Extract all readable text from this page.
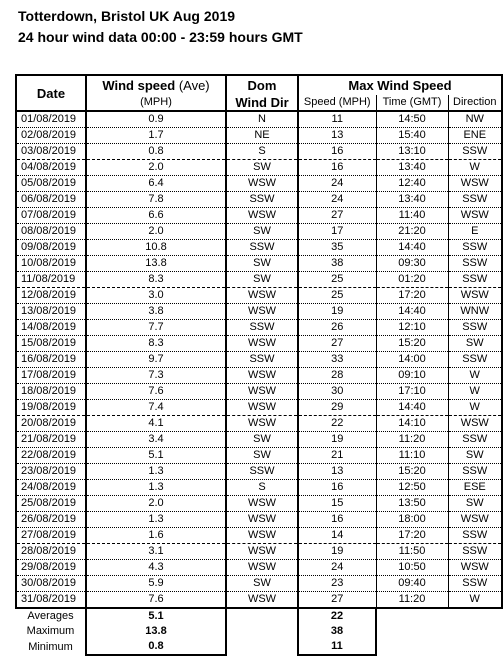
Totterdown, Bristol UK Aug 2019
24 hour wind data 00:00 - 23:59 hours GMT
Date	Wind speed (Ave)	Dom	Max Wind Speed		
	(MPH)	Wind Dir	Speed (MPH)	Time (GMT)	Direction
01/08/2019	0.9	N	11	14:50	NW
02/08/2019	1.7	NE	13	15:40	ENE
03/08/2019	0.8	S	16	13:10	SSW
04/08/2019	2.0	SW	16	13:40	W
05/08/2019	6.4	WSW	24	12:40	WSW
06/08/2019	7.8	SSW	24	13:40	SSW
07/08/2019	6.6	WSW	27	11:40	WSW
08/08/2019	2.0	SW	17	21:20	E
09/08/2019	10.8	SSW	35	14:40	SSW
10/08/2019	13.8	SW	38	09:30	SSW
11/08/2019	8.3	SW	25	01:20	SSW
12/08/2019	3.0	WSW	25	17:20	WSW
13/08/2019	3.8	WSW	19	14:40	WNW
14/08/2019	7.7	SSW	26	12:10	SSW
15/08/2019	8.3	WSW	27	15:20	SW
16/08/2019	9.7	SSW	33	14:00	SSW
17/08/2019	7.3	WSW	28	09:10	W
18/08/2019	7.6	WSW	30	17:10	W
19/08/2019	7.4	WSW	29	14:40	W
20/08/2019	4.1	WSW	22	14:10	WSW
21/08/2019	3.4	SW	19	11:20	SSW
22/08/2019	5.1	SW	21	11:10	SW
23/08/2019	1.3	SSW	13	15:20	SSW
24/08/2019	1.3	S	16	12:50	ESE
25/08/2019	2.0	WSW	15	13:50	SW
26/08/2019	1.3	WSW	16	18:00	WSW
27/08/2019	1.6	WSW	14	17:20	SSW
28/08/2019	3.1	WSW	19	11:50	SSW
29/08/2019	4.3	WSW	24	10:50	WSW
30/08/2019	5.9	SW	23	09:40	SSW
31/08/2019	7.6	WSW	27	11:20	W
Averages	5.1		22		
Maximum	13.8		38		
Minimum	0.8		11		
